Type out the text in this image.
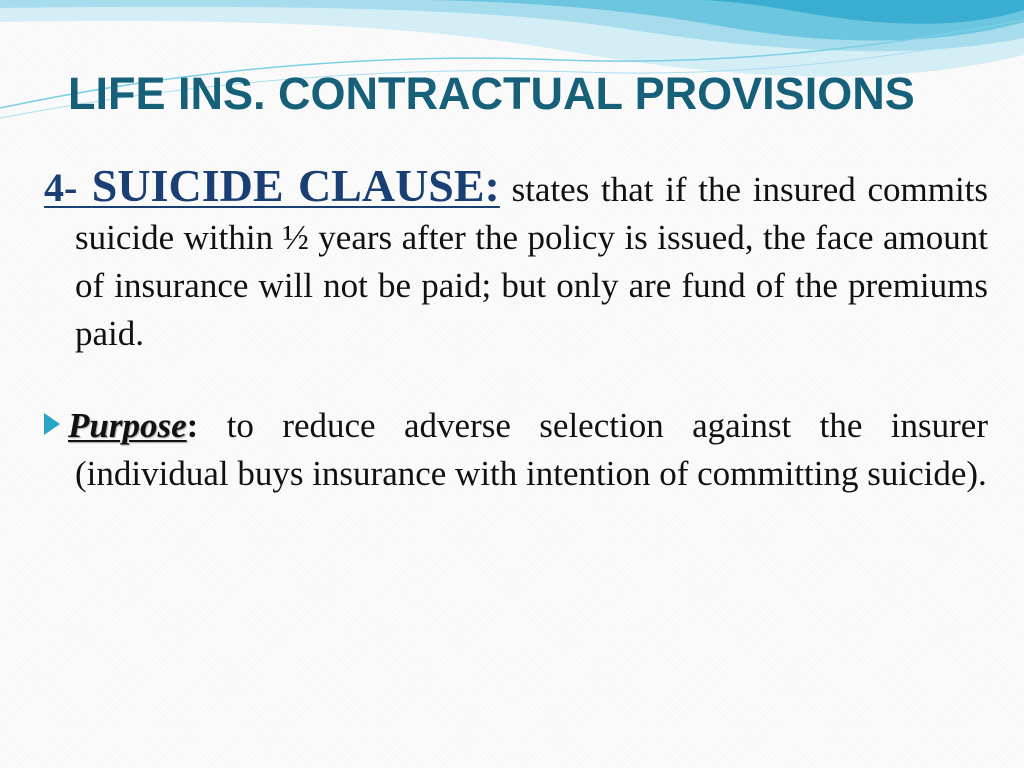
LIFE INS. CONTRACTUAL PROVISIONS

4- SUICIDE CLAUSE: states that if the insured commits suicide within ½ years after the policy is issued, the face amount of insurance will not be paid; but only are fund of the premiums paid.

Purpose: to reduce adverse selection against the insurer (individual buys insurance with intention of committing suicide).
